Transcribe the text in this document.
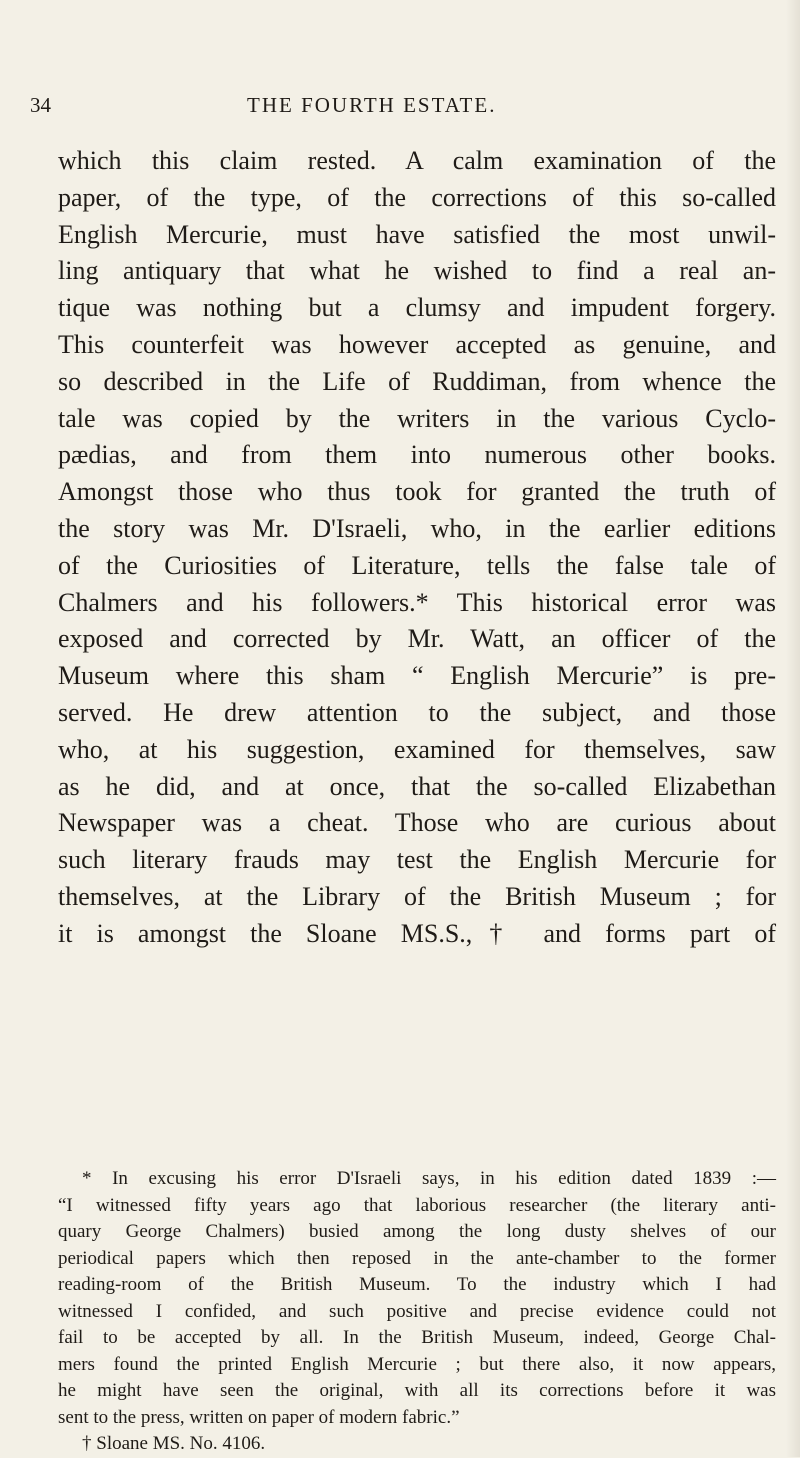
34	THE FOURTH ESTATE.
which this claim rested. A calm examination of the
paper, of the type, of the corrections of this so-called
English Mercurie, must have satisfied the most unwil-
ling antiquary that what he wished to find a real an-
tique was nothing but a clumsy and impudent forgery.
This counterfeit was however accepted as genuine, and
so described in the Life of Ruddiman, from whence the
tale was copied by the writers in the various Cyclo-
pædias, and from them into numerous other books.
Amongst those who thus took for granted the truth of
the story was Mr. D'Israeli, who, in the earlier editions
of the Curiosities of Literature, tells the false tale of
Chalmers and his followers.* This historical error was
exposed and corrected by Mr. Watt, an officer of the
Museum where this sham “ English Mercurie” is pre-
served. He drew attention to the subject, and those
who, at his suggestion, examined for themselves, saw
as he did, and at once, that the so-called Elizabethan
Newspaper was a cheat. Those who are curious about
such literary frauds may test the English Mercurie for
themselves, at the Library of the British Museum ; for
it is amongst the Sloane MS.S.,† and forms part of
* In excusing his error D'Israeli says, in his edition dated 1839 :—
“I witnessed fifty years ago that laborious researcher (the literary anti-
quary George Chalmers) busied among the long dusty shelves of our
periodical papers which then reposed in the ante-chamber to the former
reading-room of the British Museum. To the industry which I had
witnessed I confided, and such positive and precise evidence could not
fail to be accepted by all. In the British Museum, indeed, George Chal-
mers found the printed English Mercurie ; but there also, it now appears,
he might have seen the original, with all its corrections before it was
sent to the press, written on paper of modern fabric.”
† Sloane MS. No. 4106.
